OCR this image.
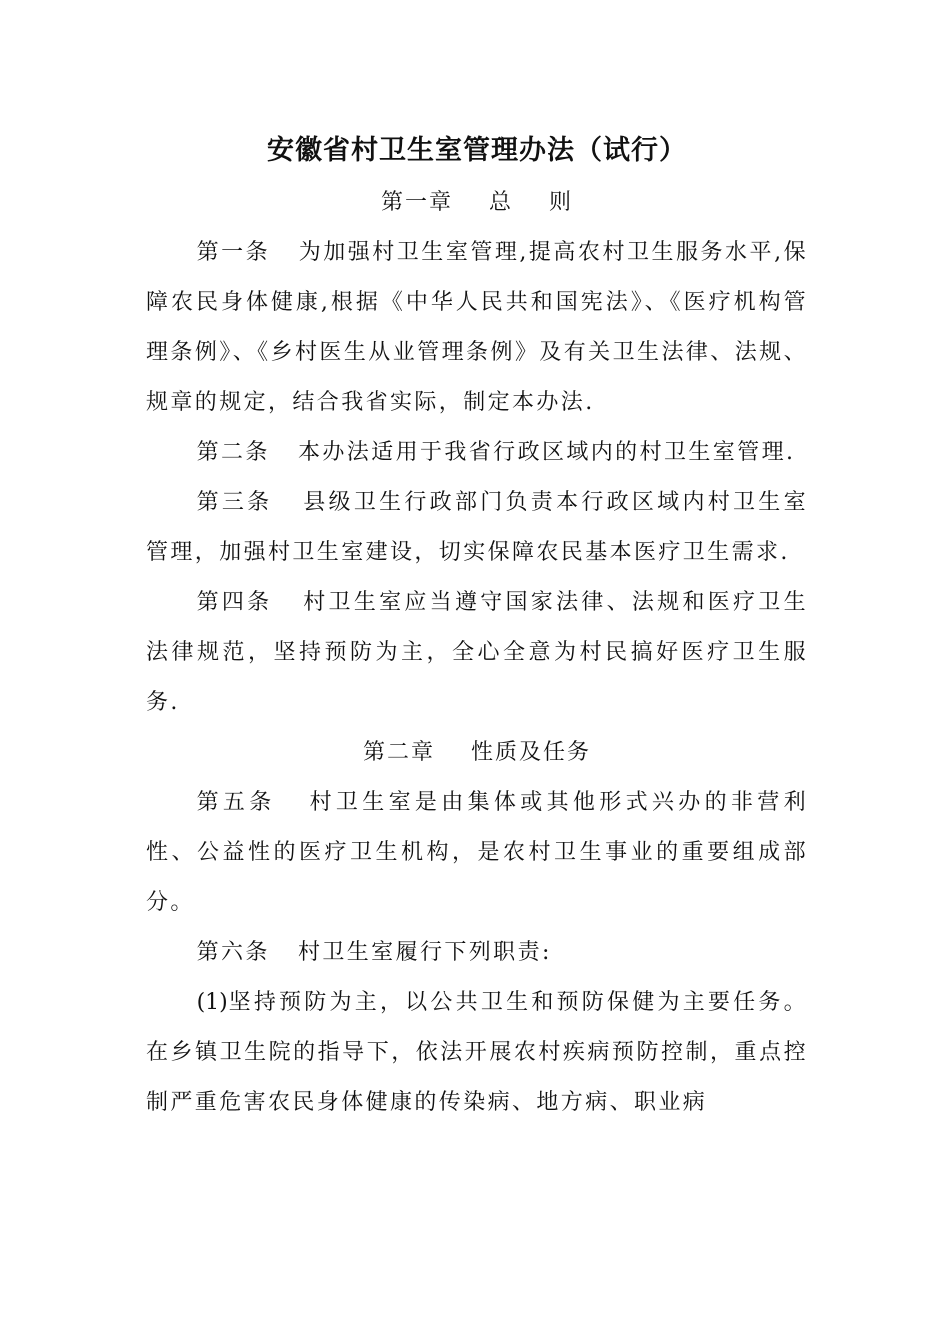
安徽省村卫生室管理办法（试行）
第一章    总    则

第一条 为加强村卫生室管理,提高农村卫生服务水平,保障农民身体健康,根据《中华人民共和国宪法》、《医疗机构管理条例》、《乡村医生从业管理条例》及有关卫生法律、法规、规章的规定，结合我省实际，制定本办法.

第二条 本办法适用于我省行政区域内的村卫生室管理.

第三条 县级卫生行政部门负责本行政区域内村卫生室管理，加强村卫生室建设，切实保障农民基本医疗卫生需求.

第四条 村卫生室应当遵守国家法律、法规和医疗卫生法律规范，坚持预防为主，全心全意为村民搞好医疗卫生服务.

第二章    性质及任务

第五条 村卫生室是由集体或其他形式兴办的非营利性、公益性的医疗卫生机构，是农村卫生事业的重要组成部分。

第六条 村卫生室履行下列职责:

(1)坚持预防为主，以公共卫生和预防保健为主要任务。在乡镇卫生院的指导下，依法开展农村疾病预防控制，重点控制严重危害农民身体健康的传染病、地方病、职业病
